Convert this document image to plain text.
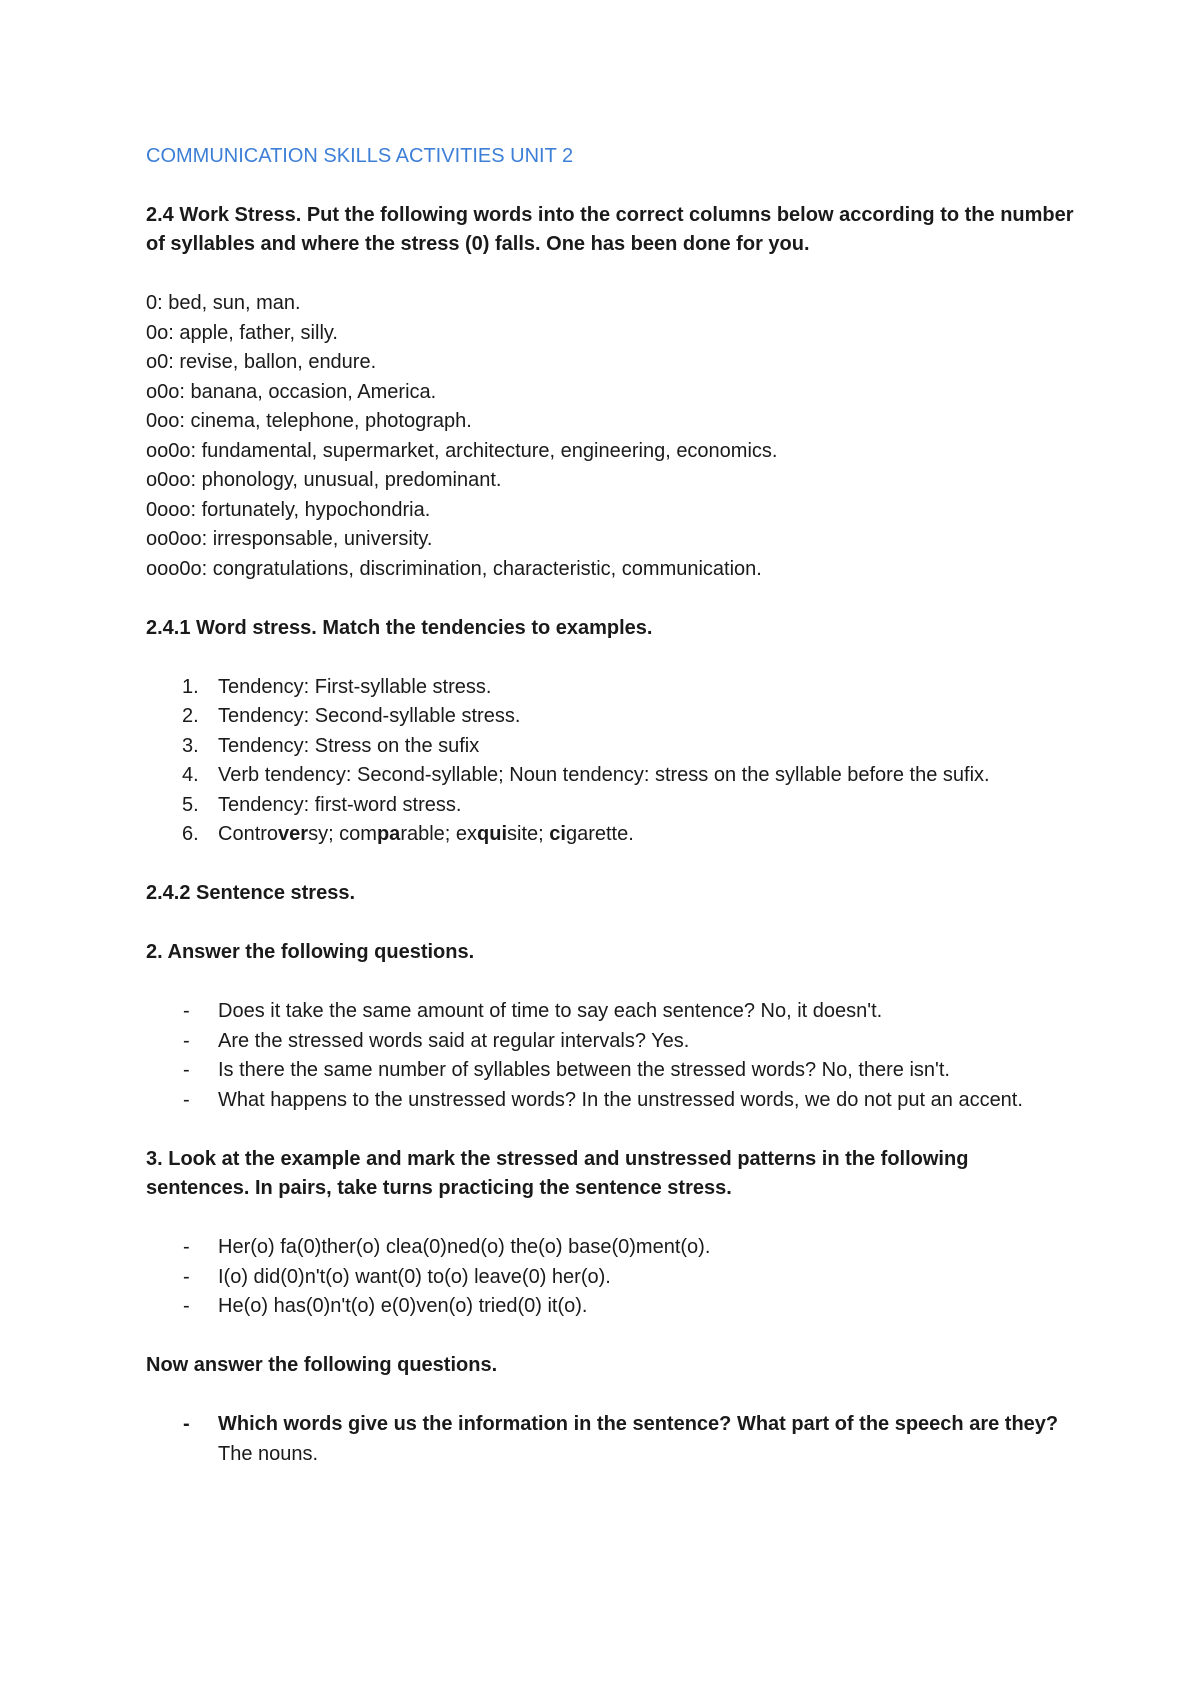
COMMUNICATION SKILLS ACTIVITIES UNIT 2

2.4 Work Stress. Put the following words into the correct columns below according to the number of syllables and where the stress (0) falls. One has been done for you.

0: bed, sun, man.

0o: apple, father, silly.

o0: revise, ballon, endure.

o0o: banana, occasion, America.

0oo: cinema, telephone, photograph.

oo0o: fundamental, supermarket, architecture, engineering, economics.

o0oo: phonology, unusual, predominant.

0ooo: fortunately, hypochondria.

oo0oo: irresponsable, university.

ooo0o: congratulations, discrimination, characteristic, communication.

2.4.1 Word stress. Match the tendencies to examples.

1. Tendency: First-syllable stress.
2. Tendency: Second-syllable stress.
3. Tendency: Stress on the sufix
4. Verb tendency: Second-syllable; Noun tendency: stress on the syllable before the sufix.
5. Tendency: first-word stress.
6. Controversy; comparable; exquisite; cigarette.

2.4.2 Sentence stress.

2. Answer the following questions.

- Does it take the same amount of time to say each sentence? No, it doesn't.
- Are the stressed words said at regular intervals? Yes.
- Is there the same number of syllables between the stressed words? No, there isn't.
- What happens to the unstressed words? In the unstressed words, we do not put an accent.

3. Look at the example and mark the stressed and unstressed patterns in the following sentences. In pairs, take turns practicing the sentence stress.

- Her(o) fa(0)ther(o) clea(0)ned(o) the(o) base(0)ment(o).
- I(o) did(0)n't(o) want(0) to(o) leave(0) her(o).
- He(o) has(0)n't(o) e(0)ven(o) tried(0) it(o).

Now answer the following questions.

- Which words give us the information in the sentence? What part of the speech are they? The nouns.
